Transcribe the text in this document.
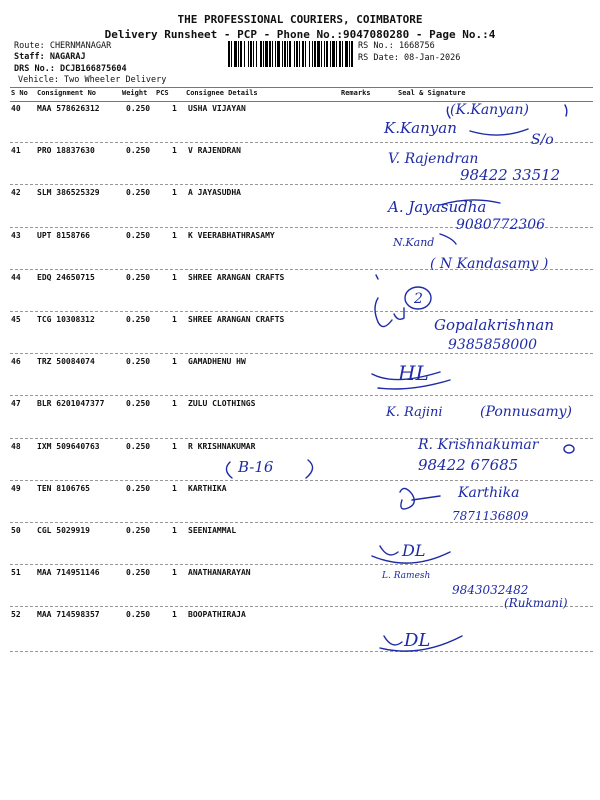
THE PROFESSIONAL COURIERS, COIMBATORE
Delivery Runsheet - PCP - Phone No.:9047080280 - Page No.:4
Route: CHERNMANAGAR
Staff: NAGARAJ
DRS No.: DCJB166875604
Vehicle: Two Wheeler Delivery
RS No.: 1668756
RS Date: 08-Jan-2026
S No Consignment No	Weight PCS Consignee Details	Remarks	Seal & Signature
40 MAA 578626312	0.250	1 USHA VIJAYAN
41 PRO 18837630	0.250	1 V RAJENDRAN
42 SLM 386525329	0.250	1 A JAYASUDHA
43 UPT 8158766	0.250	1 K VEERABHATHRASAMY
44 EDQ 24650715	0.250	1 SHREE ARANGAN CRAFTS
45 TCG 10308312	0.250	1 SHREE ARANGAN CRAFTS
46 TRZ 50084074	0.250	1 GAMADHENU HW
47 BLR 6201047377	0.250	1 ZULU CLOTHINGS
48 IXM 509640763	0.250	1 R KRISHNAKUMAR
49 TEN 8106765	0.250	1 KARTHIKA
50 CGL 5029919	0.250	1 SEENIAMMAL
51 MAA 714951146	0.250	1 ANATHANARAYAN
52 MAA 714598357	0.250	1 BOOPATHIRAJA
(K.Kanyan)
K.Kanyan
S/o
V. Rajendran
98422 33512
A. Jayasudha
9080772306
N.Kand
( N Kandasamy )
2
Gopalakrishnan
9385858000
HL
K. Rajini	(Ponnusamy)
R. Krishnakumar
98422 67685
B-16
Karthika
7871136809
DL
L. Ramesh
9843032482
(Rukmani)
DL
